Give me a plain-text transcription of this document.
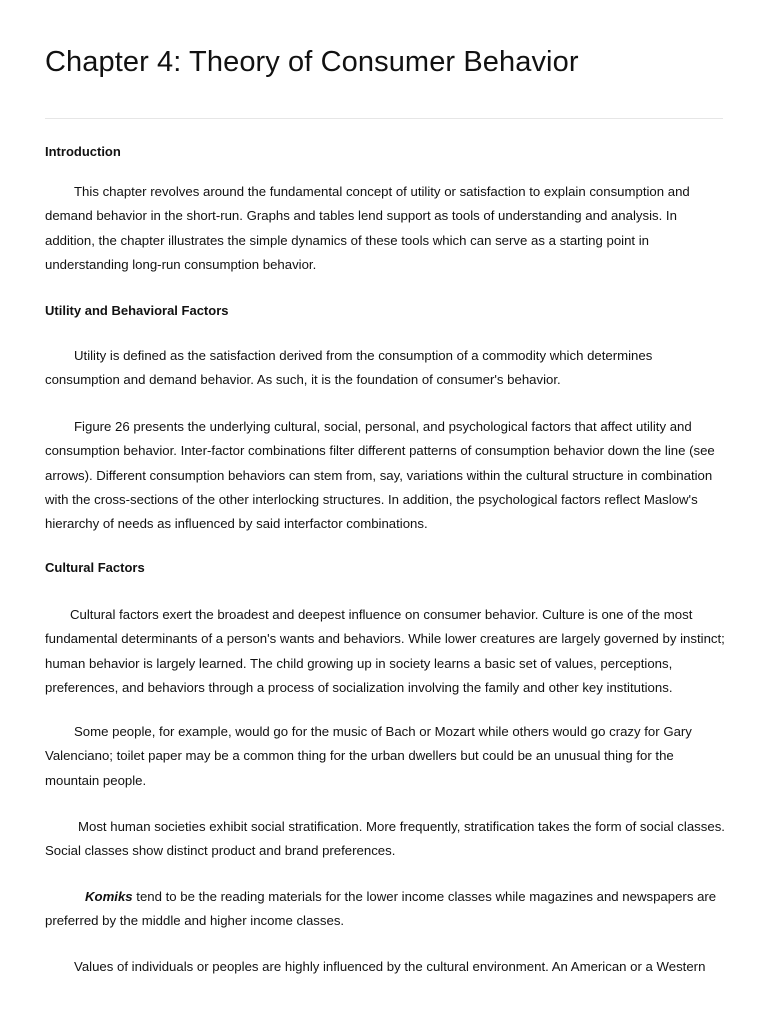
Chapter 4: Theory of Consumer Behavior
Introduction

This chapter revolves around the fundamental concept of utility or satisfaction to explain consumption and demand behavior in the short-run. Graphs and tables lend support as tools of understanding and analysis. In addition, the chapter illustrates the simple dynamics of these tools which can serve as a starting point in understanding long-run consumption behavior.

Utility and Behavioral Factors

Utility is defined as the satisfaction derived from the consumption of a commodity which determines consumption and demand behavior. As such, it is the foundation of consumer's behavior.

Figure 26 presents the underlying cultural, social, personal, and psychological factors that affect utility and consumption behavior. Inter-factor combinations filter different patterns of consumption behavior down the line (see arrows). Different consumption behaviors can stem from, say, variations within the cultural structure in combination with the cross-sections of the other interlocking structures. In addition, the psychological factors reflect Maslow's hierarchy of needs as influenced by said interfactor combinations.

Cultural Factors

Cultural factors exert the broadest and deepest influence on consumer behavior. Culture is one of the most fundamental determinants of a person's wants and behaviors. While lower creatures are largely governed by instinct; human behavior is largely learned. The child growing up in society learns a basic set of values, perceptions, preferences, and behaviors through a process of socialization involving the family and other key institutions.

Some people, for example, would go for the music of Bach or Mozart while others would go crazy for Gary Valenciano; toilet paper may be a common thing for the urban dwellers but could be an unusual thing for the mountain people.

Most human societies exhibit social stratification. More frequently, stratification takes the form of social classes. Social classes show distinct product and brand preferences.

Komiks tend to be the reading materials for the lower income classes while magazines and newspapers are preferred by the middle and higher income classes.

Values of individuals or peoples are highly influenced by the cultural environment. An American or a Western
